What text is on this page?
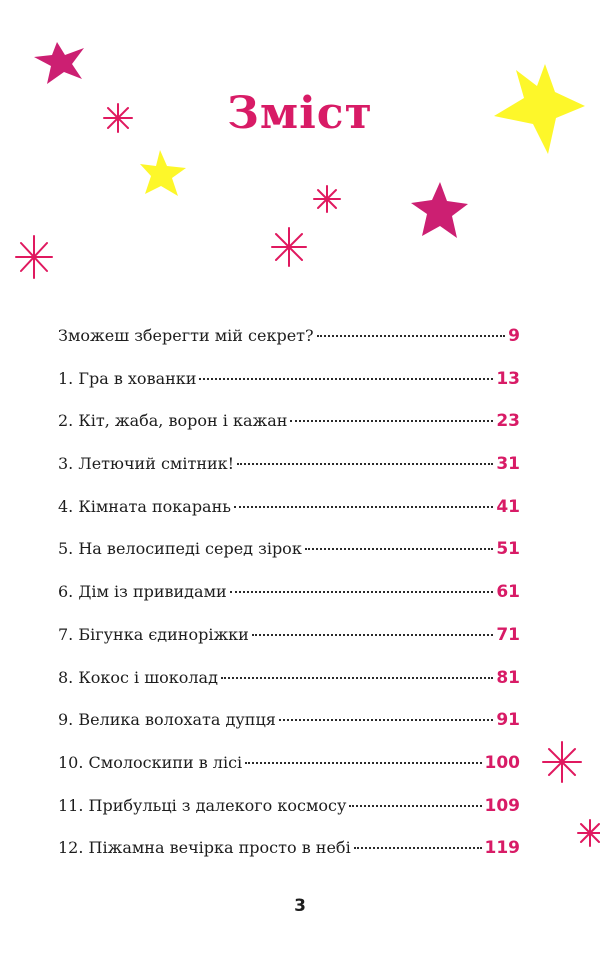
Зміст
Зможеш зберегти мій секрет?	9
1. Гра в хованки	13
2. Кіт, жаба, ворон і кажан	23
3. Летючий смітник!	31
4. Кімната покарань	41
5. На велосипеді серед зірок	51
6. Дім із привидами	61
7. Бігунка єдиноріжки	71
8. Кокос і шоколад	81
9. Велика волохата дупця	91
10. Смолоскипи в лісі	100
11. Прибульці з далекого космосу	109
12. Піжамна вечірка просто в небі	119
3
